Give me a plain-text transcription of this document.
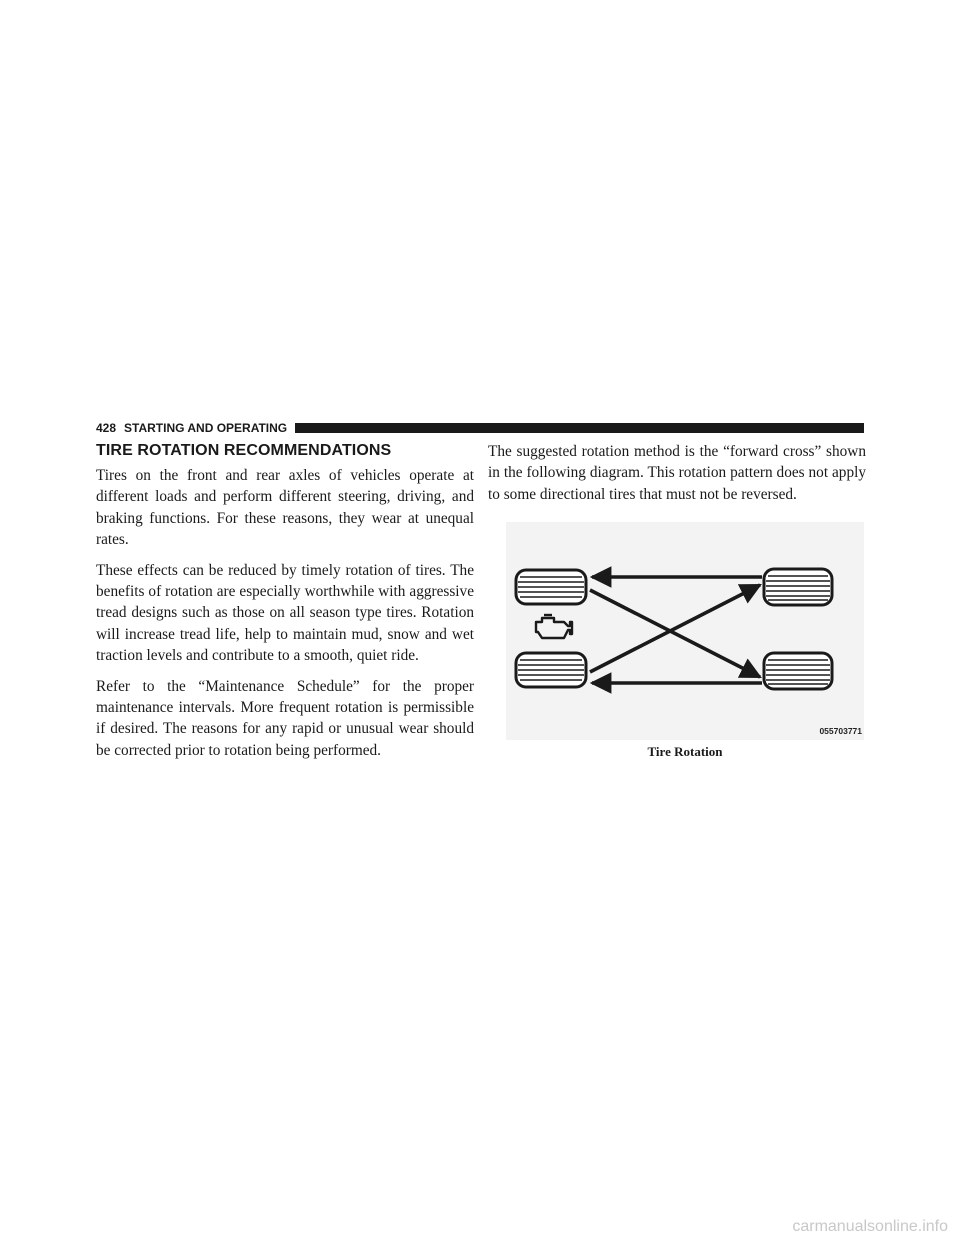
428 STARTING AND OPERATING
TIRE ROTATION RECOMMENDATIONS

Tires on the front and rear axles of vehicles operate at different loads and perform different steering, driving, and braking functions. For these reasons, they wear at unequal rates.

These effects can be reduced by timely rotation of tires. The benefits of rotation are especially worthwhile with aggressive tread designs such as those on all season type tires. Rotation will increase tread life, help to maintain mud, snow and wet traction levels and contribute to a smooth, quiet ride.

Refer to the “Maintenance Schedule” for the proper maintenance intervals. More frequent rotation is permissible if desired. The reasons for any rapid or unusual wear should be corrected prior to rotation being performed.

The suggested rotation method is the “forward cross” shown in the following diagram. This rotation pattern does not apply to some directional tires that must not be reversed.

055703771
Tire Rotation
carmanualsonline.info
